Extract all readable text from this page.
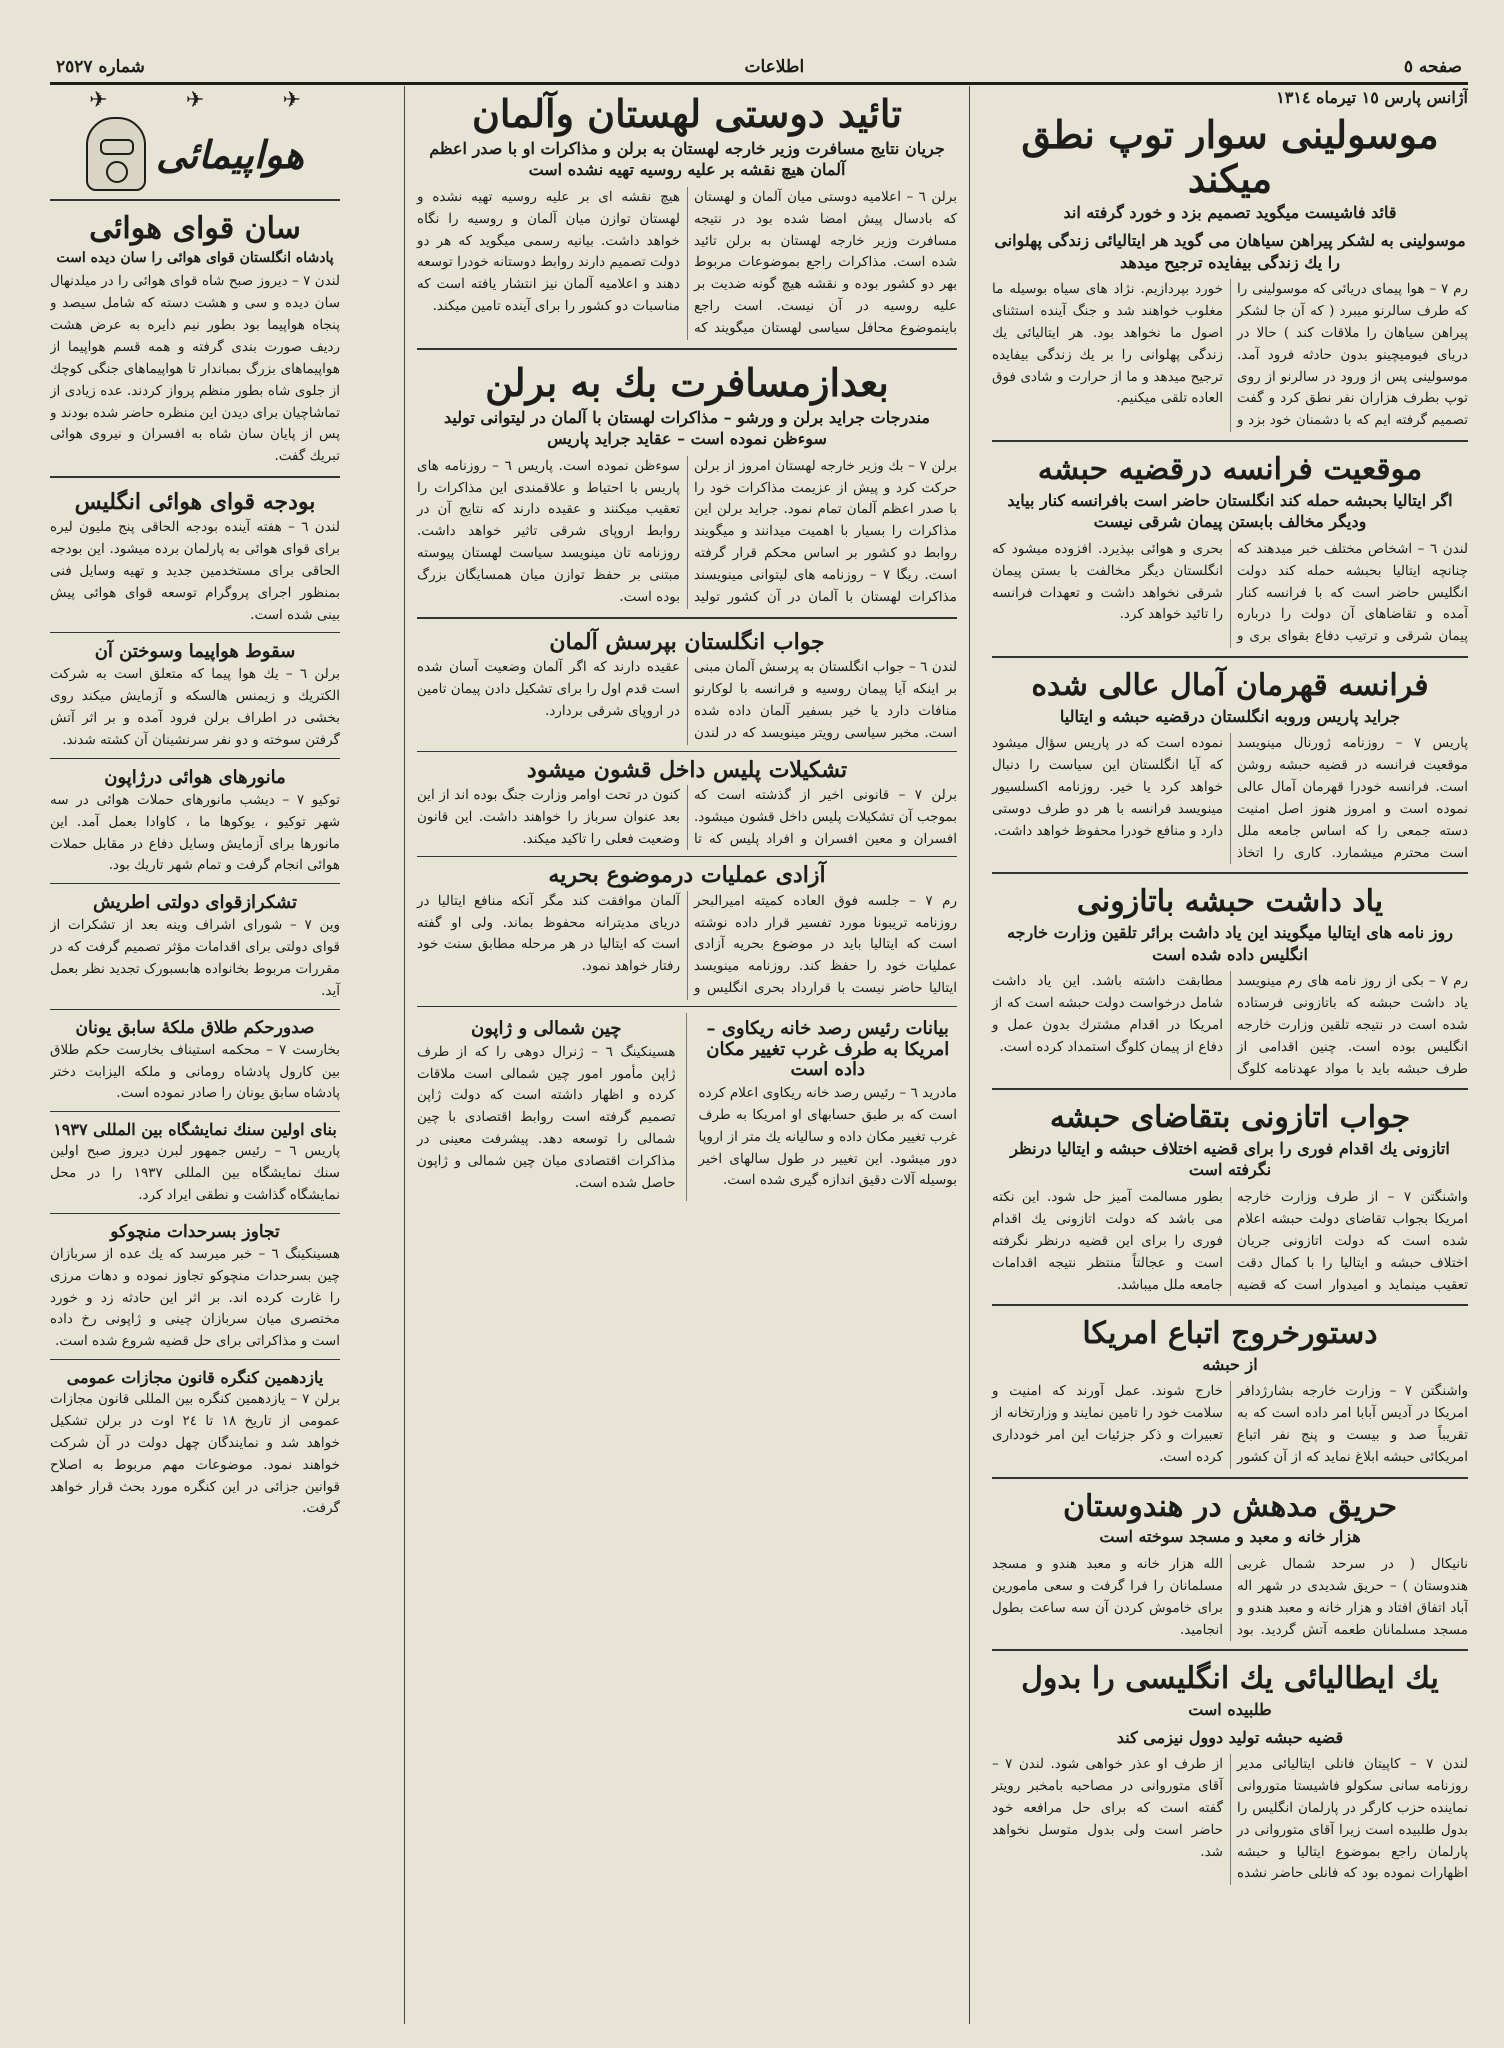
صفحه ٥
اطلاعات
شماره ٢٥٢٧
آژانس پارس ١٥ تیرماه ١٣١٤
موسولینی سوار توپ نطق میکند
قائد فاشیست میگوید تصمیم بزد و خورد گرفته اند
موسولینی به لشکر پیراهن سیاهان می گوید هر ایتالیائی زندگی پهلوانی را یك زندگی بیفایده ترجیح میدهد

رم ٧ – هوا پیمای دریائی که موسولینی را که طرف سالرنو میبرد ( که آن جا لشکر پیراهن سیاهان را ملاقات کند ) حالا در دریای فیومیچینو بدون حادثه فرود آمد. موسولینی پس از ورود در سالرنو از روی توپ بطرف هزاران نفر نطق کرد و گفت تصمیم گرفته ایم که با دشمنان خود بزد و خورد بپردازیم. نژاد های سیاه بوسیله ما مغلوب خواهند شد و جنگ آینده استثنای اصول ما نخواهد بود. هر ایتالیائی یك زندگی پهلوانی را بر یك زندگی بیفایده ترجیح میدهد و ما از حرارت و شادی فوق العاده تلقی میکنیم.

موقعیت فرانسه درقضیه حبشه
اگر ایتالیا بحبشه حمله کند انگلستان حاضر است بافرانسه کنار بیاید ودیگر مخالف بابستن پیمان شرقی نیست

لندن ٦ – اشخاص مختلف خبر میدهند که چنانچه ایتالیا بحبشه حمله کند دولت انگلیس حاضر است که با فرانسه کنار آمده و تقاضاهای آن دولت را درباره پیمان شرقی و ترتیب دفاع بقوای بری و بحری و هوائی بپذیرد. افزوده میشود که انگلستان دیگر مخالفت با بستن پیمان شرقی نخواهد داشت و تعهدات فرانسه را تائید خواهد کرد.

فرانسه قهرمان آمال عالی شده
جراید پاریس وروبه انگلستان درقضیه حبشه و ایتالیا

پاریس ٧ – روزنامه ژورنال مینویسد موقعیت فرانسه در قضیه حبشه روشن است. فرانسه خودرا قهرمان آمال عالی نموده است و امروز هنوز اصل امنیت دسته جمعی را که اساس جامعه ملل است محترم میشمارد. کاری را اتخاذ نموده است که در پاریس سؤال میشود که آیا انگلستان این سیاست را دنبال خواهد کرد یا خیر. روزنامه اکسلسیور مینویسد فرانسه با هر دو طرف دوستی دارد و منافع خودرا محفوظ خواهد داشت.

یاد داشت حبشه باتازونی
روز نامه های ایتالیا میگویند این یاد داشت برائر تلقین وزارت خارجه انگلیس داده شده است

رم ٧ – بکی از روز نامه های رم مینویسد یاد داشت حبشه که باتازونی فرستاده شده است در نتیجه تلقین وزارت خارجه انگلیس بوده است. چنین اقدامی از طرف حبشه باید با مواد عهدنامه کلوگ مطابقت داشته باشد. این یاد داشت شامل درخواست دولت حبشه است که از امریکا در اقدام مشترك بدون عمل و دفاع از پیمان کلوگ استمداد کرده است.

جواب اتازونی بتقاضای حبشه
اتازونی یك اقدام فوری را برای قضیه اختلاف حبشه و ایتالیا درنظر نگرفته است

واشنگتن ٧ – از طرف وزارت خارجه امریکا بجواب تقاضای دولت حبشه اعلام شده است که دولت اتازونی جریان اختلاف حبشه و ایتالیا را با کمال دقت تعقیب مینماید و امیدوار است که قضیه بطور مسالمت آمیز حل شود. این نکته می باشد که دولت اتازونی یك اقدام فوری را برای این قضیه درنظر نگرفته است و عجالتاً منتظر نتیجه اقدامات جامعه ملل میباشد.

دستورخروج اتباع امریکا
از حبشه

واشنگتن ٧ – وزارت خارجه بشارژدافر امریکا در آدیس آبابا امر داده است که به تقریباً صد و بیست و پنج نفر اتباع امریکائی حبشه ابلاغ نماید که از آن کشور خارج شوند. عمل آورند که امنیت و سلامت خود را تامین نمایند و وزارتخانه از تعبیرات و ذکر جزئیات این امر خودداری کرده است.

حریق مدهش در هندوستان
هزار خانه و معبد و مسجد سوخته است

نانیکال ( در سرحد شمال غربی هندوستان ) – حریق شدیدی در شهر اله آباد اتفاق افتاد و هزار خانه و معبد هندو و مسجد مسلمانان طعمه آتش گردید. بود الله هزار خانه و معبد هندو و مسجد مسلمانان را فرا گرفت و سعی مامورین برای خاموش کردن آن سه ساعت بطول انجامید.

یك ایطالیائی یك انگلیسی را بدول
طلبیده است
قضیه حبشه تولید دوول نیزمی کند

لندن ٧ – کاپیتان فانلی ایتالیائی مدیر روزنامه سانی سکولو فاشیستا متوروانی نماینده حزب کارگر در پارلمان انگلیس را بدول طلبیده است زیرا آقای متوروانی در پارلمان راجع بموضوع ایتالیا و حبشه اظهارات نموده بود که فانلی حاضر نشده از طرف او عذر خواهی شود. لندن ٧ – آقای متوروانی در مصاحبه بامخبر رویتر گفته است که برای حل مرافعه خود حاضر است ولی بدول متوسل نخواهد شد.

تائید دوستی لهستان وآلمان
جریان نتایج مسافرت وزیر خارجه لهستان به برلن و مذاکرات او با صدر اعظم آلمان هیچ نقشه بر علیه روسیه تهیه نشده است

برلن ٦ – اعلامیه دوستی میان آلمان و لهستان که بادسال پیش امضا شده بود در نتیجه مسافرت وزیر خارجه لهستان به برلن تائید شده است. مذاکرات راجع بموضوعات مربوط بهر دو کشور بوده و نقشه هیچ گونه ضدیت بر علیه روسیه در آن نیست. است راجع باینموضوع محافل سیاسی لهستان میگویند که هیچ نقشه ای بر علیه روسیه تهیه نشده و لهستان توازن میان آلمان و روسیه را نگاه خواهد داشت. بیانیه رسمی میگوید که هر دو دولت تصمیم دارند روابط دوستانه خودرا توسعه دهند و اعلامیه آلمان نیز انتشار یافته است که مناسبات دو کشور را برای آینده تامین میکند.

بعدازمسافرت بك به برلن
مندرجات جراید برلن و ورشو – مذاکرات لهستان با آلمان در لیتوانی تولید سوءظن نموده است – عقاید جراید پاریس

برلن ٧ – بك وزیر خارجه لهستان امروز از برلن حرکت کرد و پیش از عزیمت مذاکرات خود را با صدر اعظم آلمان تمام نمود. جراید برلن این مذاکرات را بسیار با اهمیت میدانند و میگویند روابط دو کشور بر اساس محکم قرار گرفته است. ریگا ٧ – روزنامه های لیتوانی مینویسند مذاکرات لهستان با آلمان در آن کشور تولید سوءظن نموده است. پاریس ٦ – روزنامه های پاریس با احتیاط و علاقمندی این مذاکرات را تعقیب میکنند و عقیده دارند که نتایج آن در روابط اروپای شرقی تاثیر خواهد داشت. روزنامه تان مینویسد سیاست لهستان پیوسته مبتنی بر حفظ توازن میان همسایگان بزرگ بوده است.

جواب انگلستان بپرسش آلمان

لندن ٦ – جواب انگلستان به پرسش آلمان مبنی بر اینکه آیا پیمان روسیه و فرانسه با لوکارنو منافات دارد یا خیر بسفیر آلمان داده شده است. مخبر سیاسی رویتر مینویسد که در لندن عقیده دارند که اگر آلمان وضعیت آسان شده است قدم اول را برای تشکیل دادن پیمان تامین در اروپای شرقی بردارد.

تشکیلات پلیس داخل قشون میشود

برلن ٧ – قانونی اخیر از گذشته است که بموجب آن تشکیلات پلیس داخل قشون میشود. افسران و معین افسران و افراد پلیس که تا کنون در تحت اوامر وزارت جنگ بوده اند از این بعد عنوان سرباز را خواهند داشت. این قانون وضعیت فعلی را تاکید میکند.

آزادی عملیات درموضوع بحریه

رم ٧ – جلسه فوق العاده کمیته امیرالبحر روزنامه تریبونا مورد تفسیر قرار داده نوشته است که ایتالیا باید در موضوع بحریه آزادی عملیات خود را حفظ کند. روزنامه مینویسد ایتالیا حاضر نیست با قرارداد بحری انگلیس و آلمان موافقت کند مگر آنکه منافع ایتالیا در دریای مدیترانه محفوظ بماند. ولی او گفته است که ایتالیا در هر مرحله مطابق سنت خود رفتار خواهد نمود.

بیانات رئیس رصد خانه ریکاوی – امریکا به طرف غرب تغییر مکان داده است

مادرید ٦ – رئیس رصد خانه ریکاوی اعلام کرده است که بر طبق حسابهای او امریکا به طرف غرب تغییر مکان داده و سالیانه یك متر از اروپا دور میشود. این تغییر در طول سالهای اخیر بوسیله آلات دقیق اندازه گیری شده است.

چین شمالی و ژاپون

هسینکینگ ٦ – ژنرال دوهی را که از طرف ژاپن مأمور امور چین شمالی است ملاقات کرده و اظهار داشته است که دولت ژاپن تصمیم گرفته است روابط اقتصادی با چین شمالی را توسعه دهد. پیشرفت معینی در مذاکرات اقتصادی میان چین شمالی و ژاپون حاصل شده است.

✈
✈
✈
هواپیمائی
سان قوای هوائی
پادشاه انگلستان قوای هوائی را سان دیده است

لندن ٧ – دیروز صبح شاه قوای هوائی را در میلدنهال سان دیده و سی و هشت دسته که شامل سیصد و پنجاه هواپیما بود بطور نیم دایره به عرض هشت ردیف صورت بندی گرفته و همه قسم هواپیما از هواپیماهای بزرگ بمباندار تا هواپیماهای جنگی کوچك از جلوی شاه بطور منظم پرواز کردند. عده زیادی از تماشاچیان برای دیدن این منظره حاضر شده بودند و پس از پایان سان شاه به افسران و نیروی هوائی تبریك گفت.

بودجه قوای هوائی انگلیس

لندن ٦ – هفته آینده بودجه الحاقی پنج ملیون لیره برای قوای هوائی به پارلمان برده میشود. این بودجه الحاقی برای مستخدمین جدید و تهیه وسایل فنی بمنظور اجرای پروگرام توسعه قوای هوائی پیش بینی شده است.

سقوط هواپیما وسوختن آن

برلن ٦ – یك هوا پیما که متعلق است به شرکت الکتریك و زیمنس هالسکه و آزمایش میکند روی بخشی در اطراف برلن فرود آمده و بر اثر آتش گرفتن سوخته و دو نفر سرنشینان آن کشته شدند.

مانورهای هوائی درژاپون

توکیو ٧ – دیشب مانورهای حملات هوائی در سه شهر توکیو ، یوکوها ما ، کاوادا بعمل آمد. این مانورها برای آزمایش وسایل دفاع در مقابل حملات هوائی انجام گرفت و تمام شهر تاریك بود.

تشکرازقوای دولتی اطریش

وین ٧ – شورای اشراف وینه بعد از تشکرات از قوای دولتی برای اقدامات مؤثر تصمیم گرفت که در مقررات مربوط بخانواده هابسبورک تجدید نظر بعمل آید.

صدورحکم طلاق ملکهٔ سابق یونان

بخارست ٧ – محکمه استیناف بخارست حکم طلاق بین کارول پادشاه رومانی و ملکه الیزابت دختر پادشاه سابق یونان را صادر نموده است.

بنای اولین سنك نمایشگاه بین المللی ١٩٣٧

پاریس ٦ – رئیس جمهور لبرن دیروز صبح اولین سنك نمایشگاه بین المللی ١٩٣٧ را در محل نمایشگاه گذاشت و نطقی ایراد کرد.

تجاوز بسرحدات منچوکو

هسینکینگ ٦ – خبر میرسد که یك عده از سربازان چین بسرحدات منچوکو تجاوز نموده و دهات مرزی را غارت کرده اند. بر اثر این حادثه زد و خورد مختصری میان سربازان چینی و ژاپونی رخ داده است و مذاکراتی برای حل قضیه شروع شده است.

یازدهمین کنگره قانون مجازات عمومی

برلن ٧ – یازدهمین کنگره بین المللی قانون مجازات عمومی از تاریخ ١٨ تا ٢٤ اوت در برلن تشکیل خواهد شد و نمایندگان چهل دولت در آن شرکت خواهند نمود. موضوعات مهم مربوط به اصلاح قوانین جزائی در این کنگره مورد بحث قرار خواهد گرفت.
